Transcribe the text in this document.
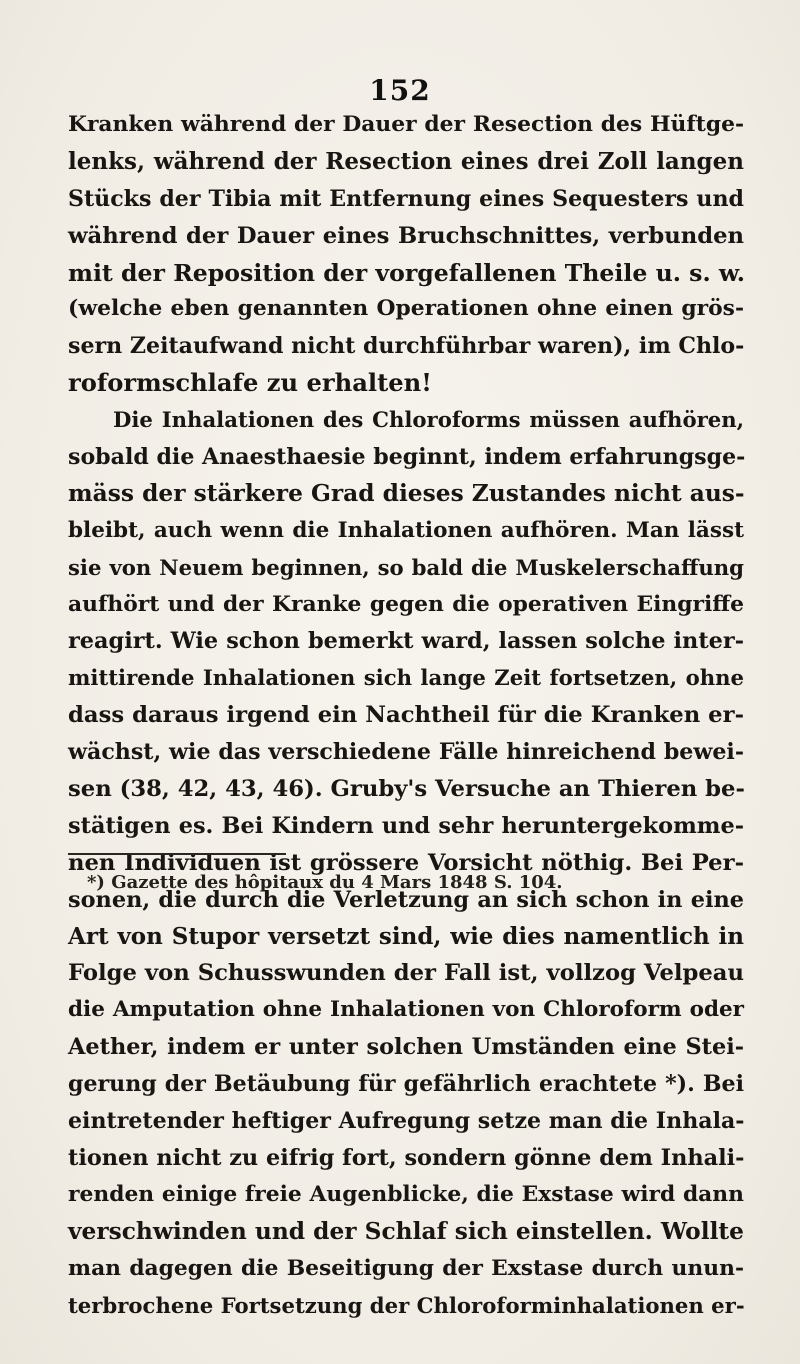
152
Kranken während der Dauer der Resection des Hüftge-
lenks, während der Resection eines drei Zoll langen
Stücks der Tibia mit Entfernung eines Sequesters und
während der Dauer eines Bruchschnittes, verbunden
mit der Reposition der vorgefallenen Theile u. s. w.
(welche eben genannten Operationen ohne einen grös-
sern Zeitaufwand nicht durchführbar waren), im Chlo-
roformschlafe zu erhalten!
Die Inhalationen des Chloroforms müssen aufhören,
sobald die Anaesthaesie beginnt, indem erfahrungsge-
mäss der stärkere Grad dieses Zustandes nicht aus-
bleibt, auch wenn die Inhalationen aufhören. Man lässt
sie von Neuem beginnen, so bald die Muskelerschaffung
aufhört und der Kranke gegen die operativen Eingriffe
reagirt. Wie schon bemerkt ward, lassen solche inter-
mittirende Inhalationen sich lange Zeit fortsetzen, ohne
dass daraus irgend ein Nachtheil für die Kranken er-
wächst, wie das verschiedene Fälle hinreichend bewei-
sen (38, 42, 43, 46). Gruby's Versuche an Thieren be-
stätigen es. Bei Kindern und sehr heruntergekomme-
nen Individuen ist grössere Vorsicht nöthig. Bei Per-
sonen, die durch die Verletzung an sich schon in eine
Art von Stupor versetzt sind, wie dies namentlich in
Folge von Schusswunden der Fall ist, vollzog Velpeau
die Amputation ohne Inhalationen von Chloroform oder
Aether, indem er unter solchen Umständen eine Stei-
gerung der Betäubung für gefährlich erachtete *). Bei
eintretender heftiger Aufregung setze man die Inhala-
tionen nicht zu eifrig fort, sondern gönne dem Inhali-
renden einige freie Augenblicke, die Exstase wird dann
verschwinden und der Schlaf sich einstellen. Wollte
man dagegen die Beseitigung der Exstase durch unun-
terbrochene Fortsetzung der Chloroforminhalationen er-
*) Gazette des hôpitaux du 4 Mars 1848 S. 104.
